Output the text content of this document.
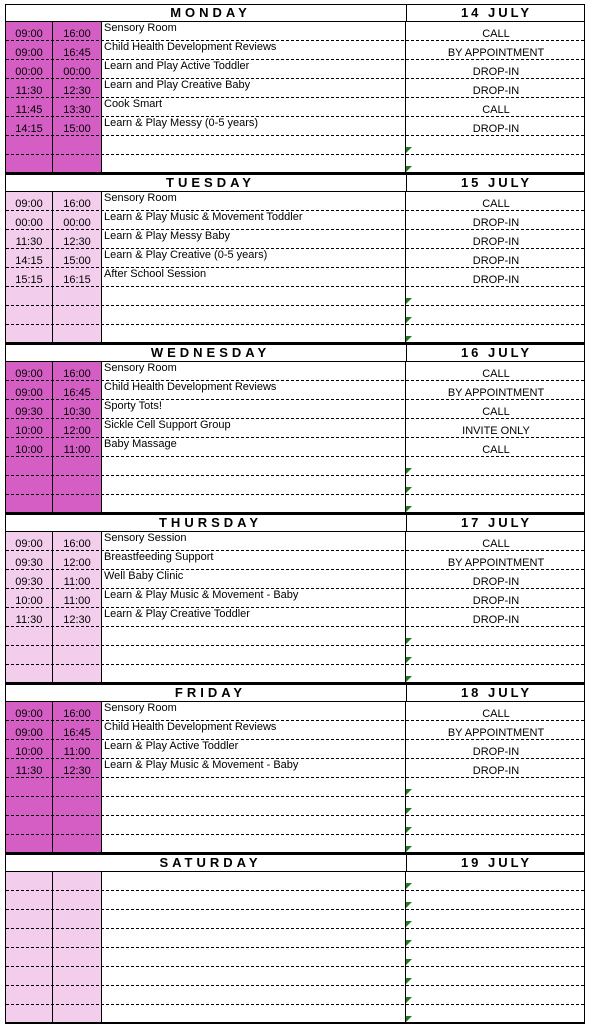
MONDAY	14 JULY
09:00	16:00	Sensory Room	CALL
09:00	16:45	Child Health Development Reviews	BY APPOINTMENT
00:00	00:00	Learn and Play Active Toddler	DROP-IN
11:30	12:30	Learn and Play Creative Baby	DROP-IN
11:45	13:30	Cook Smart	CALL
14:15	15:00	Learn & Play Messy (0-5 years)	DROP-IN
TUESDAY	15 JULY
09:00	16:00	Sensory Room	CALL
00:00	00:00	Learn & Play Music & Movement Toddler	DROP-IN
11:30	12:30	Learn & Play Messy Baby	DROP-IN
14:15	15:00	Learn & Play Creative (0-5 years)	DROP-IN
15:15	16:15	After School Session	DROP-IN
WEDNESDAY	16 JULY
09:00	16:00	Sensory Room	CALL
09:00	16:45	Child Health Development Reviews	BY APPOINTMENT
09:30	10:30	Sporty Tots!	CALL
10:00	12:00	Sickle Cell Support Group	INVITE ONLY
10:00	11:00	Baby Massage	CALL
THURSDAY	17 JULY
09:00	16:00	Sensory Session	CALL
09:30	12:00	Breastfeeding Support	BY APPOINTMENT
09:30	11:00	Well Baby Clinic	DROP-IN
10:00	11:00	Learn & Play Music & Movement - Baby	DROP-IN
11:30	12:30	Learn & Play Creative Toddler	DROP-IN
FRIDAY	18 JULY
09:00	16:00	Sensory Room	CALL
09:00	16:45	Child Health Development Reviews	BY APPOINTMENT
10:00	11:00	Learn & Play Active Toddler	DROP-IN
11:30	12:30	Learn & Play Music & Movement - Baby	DROP-IN
SATURDAY	19 JULY
